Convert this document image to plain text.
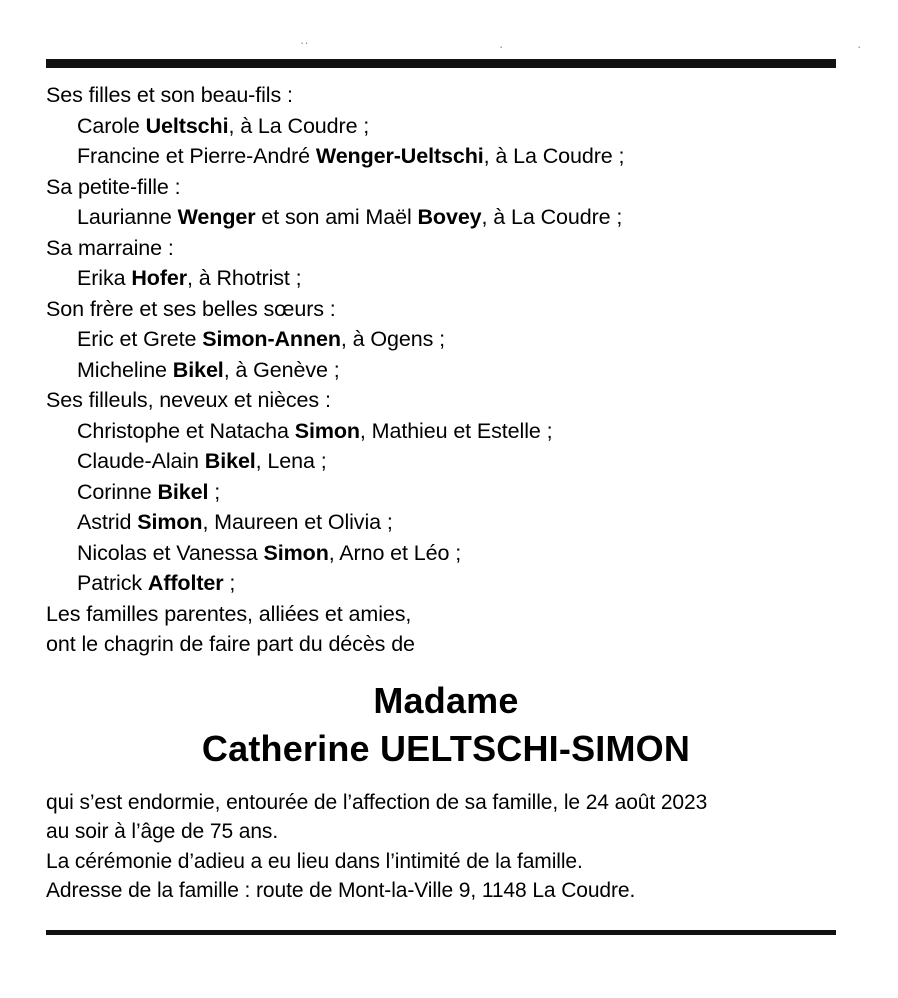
··	·	·
Ses filles et son beau-fils :
Carole Ueltschi, à La Coudre ;
Francine et Pierre-André Wenger-Ueltschi, à La Coudre ;
Sa petite-fille :
Laurianne Wenger et son ami Maël Bovey, à La Coudre ;
Sa marraine :
Erika Hofer, à Rhotrist ;
Son frère et ses belles sœurs :
Eric et Grete Simon-Annen, à Ogens ;
Micheline Bikel, à Genève ;
Ses filleuls, neveux et nièces :
Christophe et Natacha Simon, Mathieu et Estelle ;
Claude-Alain Bikel, Lena ;
Corinne Bikel ;
Astrid Simon, Maureen et Olivia ;
Nicolas et Vanessa Simon, Arno et Léo ;
Patrick Affolter ;
Les familles parentes, alliées et amies,
ont le chagrin de faire part du décès de
Madame
Catherine UELTSCHI-SIMON
qui s’est endormie, entourée de l’affection de sa famille, le 24 août 2023
au soir à l’âge de 75 ans.
La cérémonie d’adieu a eu lieu dans l’intimité de la famille.
Adresse de la famille : route de Mont-la-Ville 9, 1148 La Coudre.
